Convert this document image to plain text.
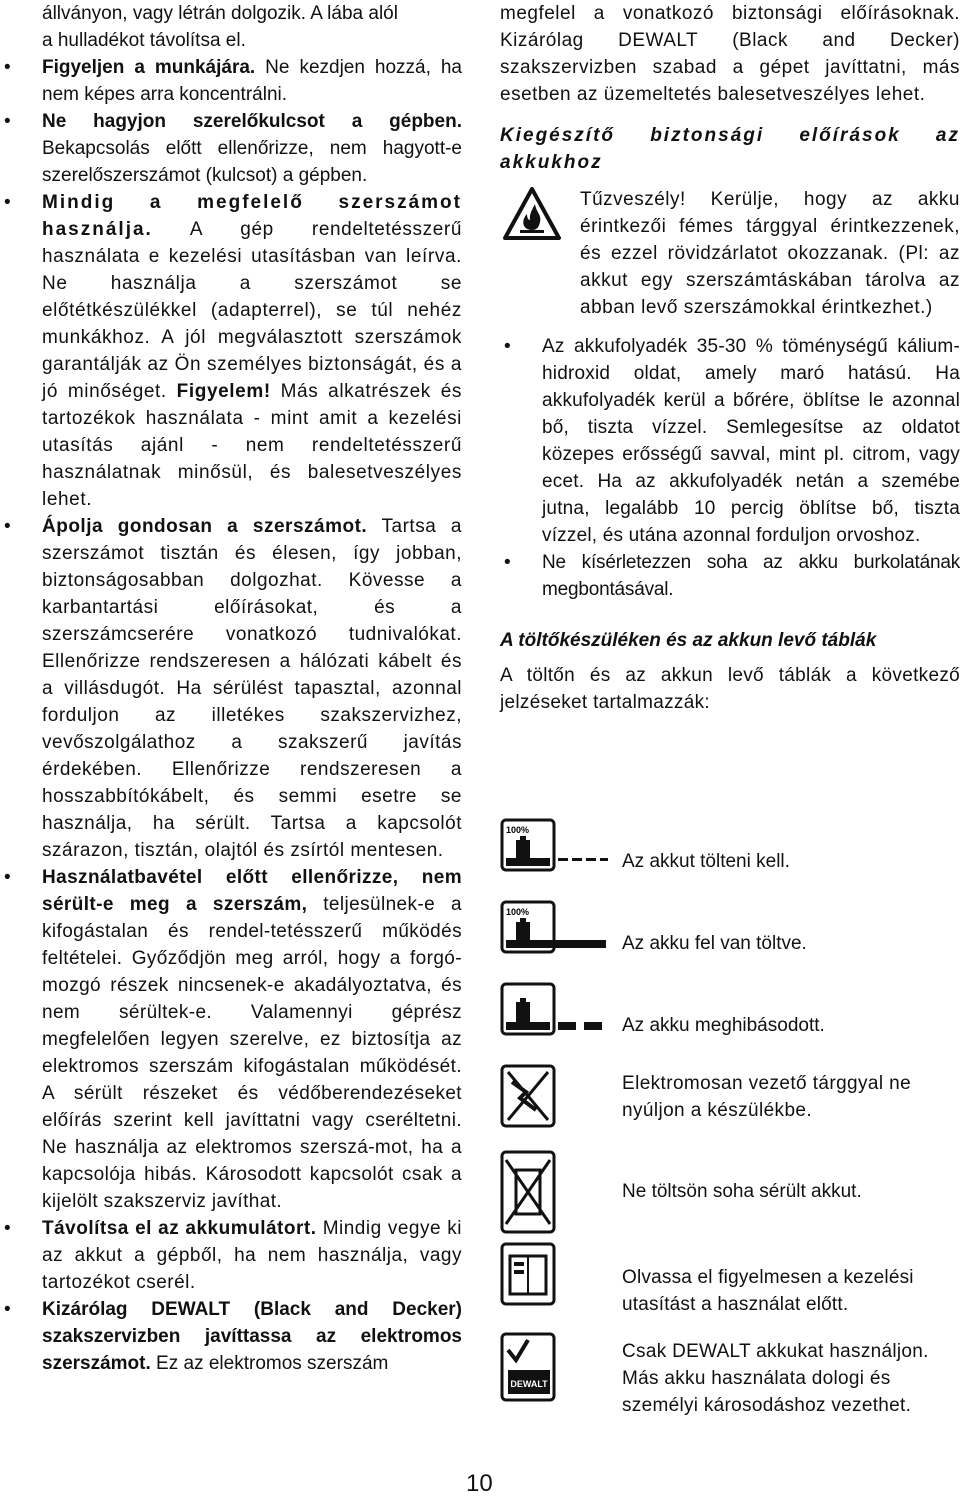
állványon, vagy létrán dolgozik. A lába alól
a hulladékot távolítsa el.

• Figyeljen a munkájára. Ne kezdjen hozzá, ha nem képes arra koncentrálni.

• Ne hagyjon szerelőkulcsot a gépben. Bekapcsolás előtt ellenőrizze, nem hagyott-e szerelőszerszámot (kulcsot) a gépben.

• Mindig a megfelelő szerszámot használja. A gép rendeltetésszerű használata e kezelési utasításban van leírva. Ne használja a szerszámot se előtétkészülékkel (adapterrel), se túl nehéz munkákhoz. A jól megválasztott szerszámok garantálják az Ön személyes biztonságát, és a jó minőséget. Figyelem! Más alkatrészek és tartozékok használata - mint amit a kezelési utasítás ajánl - nem rendeltetésszerű használatnak minősül, és balesetveszélyes lehet.

• Ápolja gondosan a szerszámot. Tartsa a szerszámot tisztán és élesen, így jobban, biztonságosabban dolgozhat. Kövesse a karbantartási előírásokat, és a szerszámcserére vonatkozó tudnivalókat. Ellenőrizze rendszeresen a hálózati kábelt és a villásdugót. Ha sérülést tapasztal, azonnal forduljon az illetékes szakszervizhez, vevőszolgálathoz a szakszerű javítás érdekében. Ellenőrizze rendszeresen a hosszabbítókábelt, és semmi esetre se használja, ha sérült. Tartsa a kapcsolót szárazon, tisztán, olajtól és zsírtól mentesen.

• Használatbavétel előtt ellenőrizze, nem sérült-e meg a szerszám, teljesülnek-e a kifogástalan és rendel-tetésszerű működés feltételei. Győződjön meg arról, hogy a forgó-mozgó részek nincsenek-e akadályoztatva, és nem sérültek-e. Valamennyi géprész megfelelően legyen szerelve, ez biztosítja az elektromos szerszám kifogástalan működését. A sérült részeket és védőberendezéseket előírás szerint kell javíttatni vagy cseréltetni. Ne használja az elektromos szerszá-mot, ha a kapcsolója hibás. Károsodott kapcsolót csak a kijelölt szakszerviz javíthat.

• Távolítsa el az akkumulátort. Mindig vegye ki az akkut a gépből, ha nem használja, vagy tartozékot cserél.

• Kizárólag DEWALT (Black and Decker) szakszervizben javíttassa az elektromos szerszámot. Ez az elektromos szerszám

megfelel a vonatkozó biztonsági előírásoknak. Kizárólag DEWALT (Black and Decker) szakszervizben szabad a gépet javíttatni, más esetben az üzemeltetés balesetveszélyes lehet.

Kiegészítő biztonsági előírások az akkukhoz

Tűzveszély! Kerülje, hogy az akku érintkezői fémes tárggyal érintkezzenek, és ezzel rövidzárlatot okozzanak. (Pl: az akkut egy szerszámtáskában tárolva az abban levő szerszámokkal érintkezhet.)

• Az akkufolyadék 35-30 % töménységű kálium-hidroxid oldat, amely maró hatású. Ha akkufolyadék kerül a bőrére, öblítse le azonnal bő, tiszta vízzel. Semlegesítse az oldatot közepes erősségű savval, mint pl. citrom, vagy ecet. Ha az akkufolyadék netán a szemébe jutna, legalább 10 percig öblítse bő, tiszta vízzel, és utána azonnal forduljon orvoshoz.

• Ne kísérletezzen soha az akku burkolatának megbontásával.

A töltőkészüléken és az akkun levő táblák

A töltőn és az akkun levő táblák a következő jelzéseket tartalmazzák:

100%
Az akkut tölteni kell.
100%
Az akku fel van töltve.
Az akku meghibásodott.
Elektromosan vezető tárggyal ne nyúljon a készülékbe.
Ne töltsön soha sérült akkut.
Olvassa el figyelmesen a kezelési utasítást a használat előtt.
DEWALT
Csak DEWALT akkukat használjon. Más akku használata dologi és személyi károsodáshoz vezethet.
10
